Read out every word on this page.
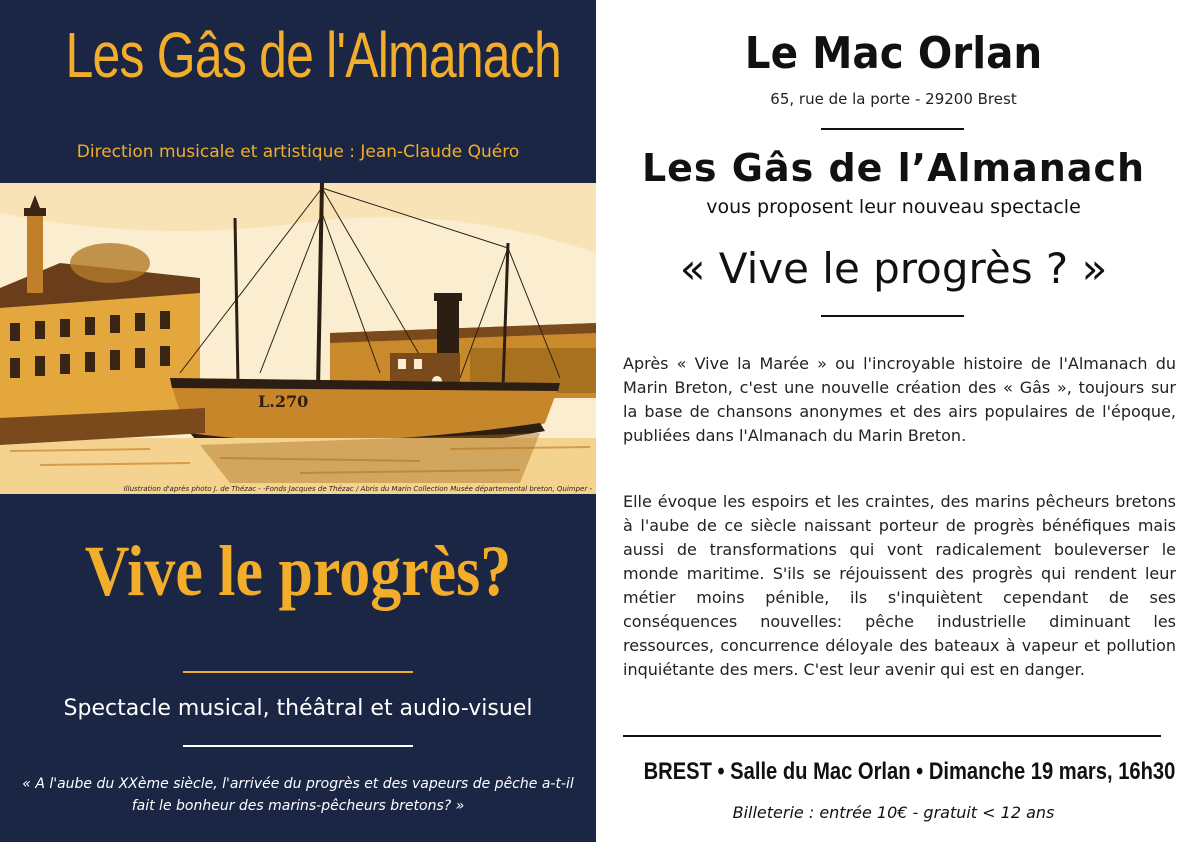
Les Gâs de l'Almanach
Direction musicale et artistique : Jean-Claude Quéro
L.270
Illustration d'après photo J. de Thézac - -Fonds Jacques de Thézac / Abris du Marin Collection Musée départemental breton, Quimper -
Vive le progrès?
Spectacle musical, théâtral et audio-visuel
« A l'aube du XXème siècle, l'arrivée du progrès et des vapeurs de pêche a-t-il fait le bonheur des marins-pêcheurs bretons? »
Le Mac Orlan
65, rue de la porte - 29200 Brest
Les Gâs de l’Almanach
vous proposent leur nouveau spectacle
« Vive le progrès ? »
Après « Vive la Marée » ou l'incroyable histoire de l'Almanach du Marin Breton, c'est une nouvelle création des « Gâs », toujours sur la base de chansons anonymes et des airs populaires de l'époque, publiées dans l'Almanach du Marin Breton.
Elle évoque les espoirs et les craintes, des marins pêcheurs bretons à l'aube de ce siècle naissant porteur de progrès bénéfiques mais aussi de transformations qui vont radicalement bouleverser le monde maritime. S'ils se réjouissent des progrès qui rendent leur métier moins pénible, ils s'inquiètent cependant de ses conséquences nouvelles: pêche industrielle diminuant les ressources, concurrence déloyale des bateaux à vapeur et pollution inquiétante des mers. C'est leur avenir qui est en danger.
BREST • Salle du Mac Orlan • Dimanche 19 mars, 16h30
Billeterie : entrée 10€ - gratuit < 12 ans
